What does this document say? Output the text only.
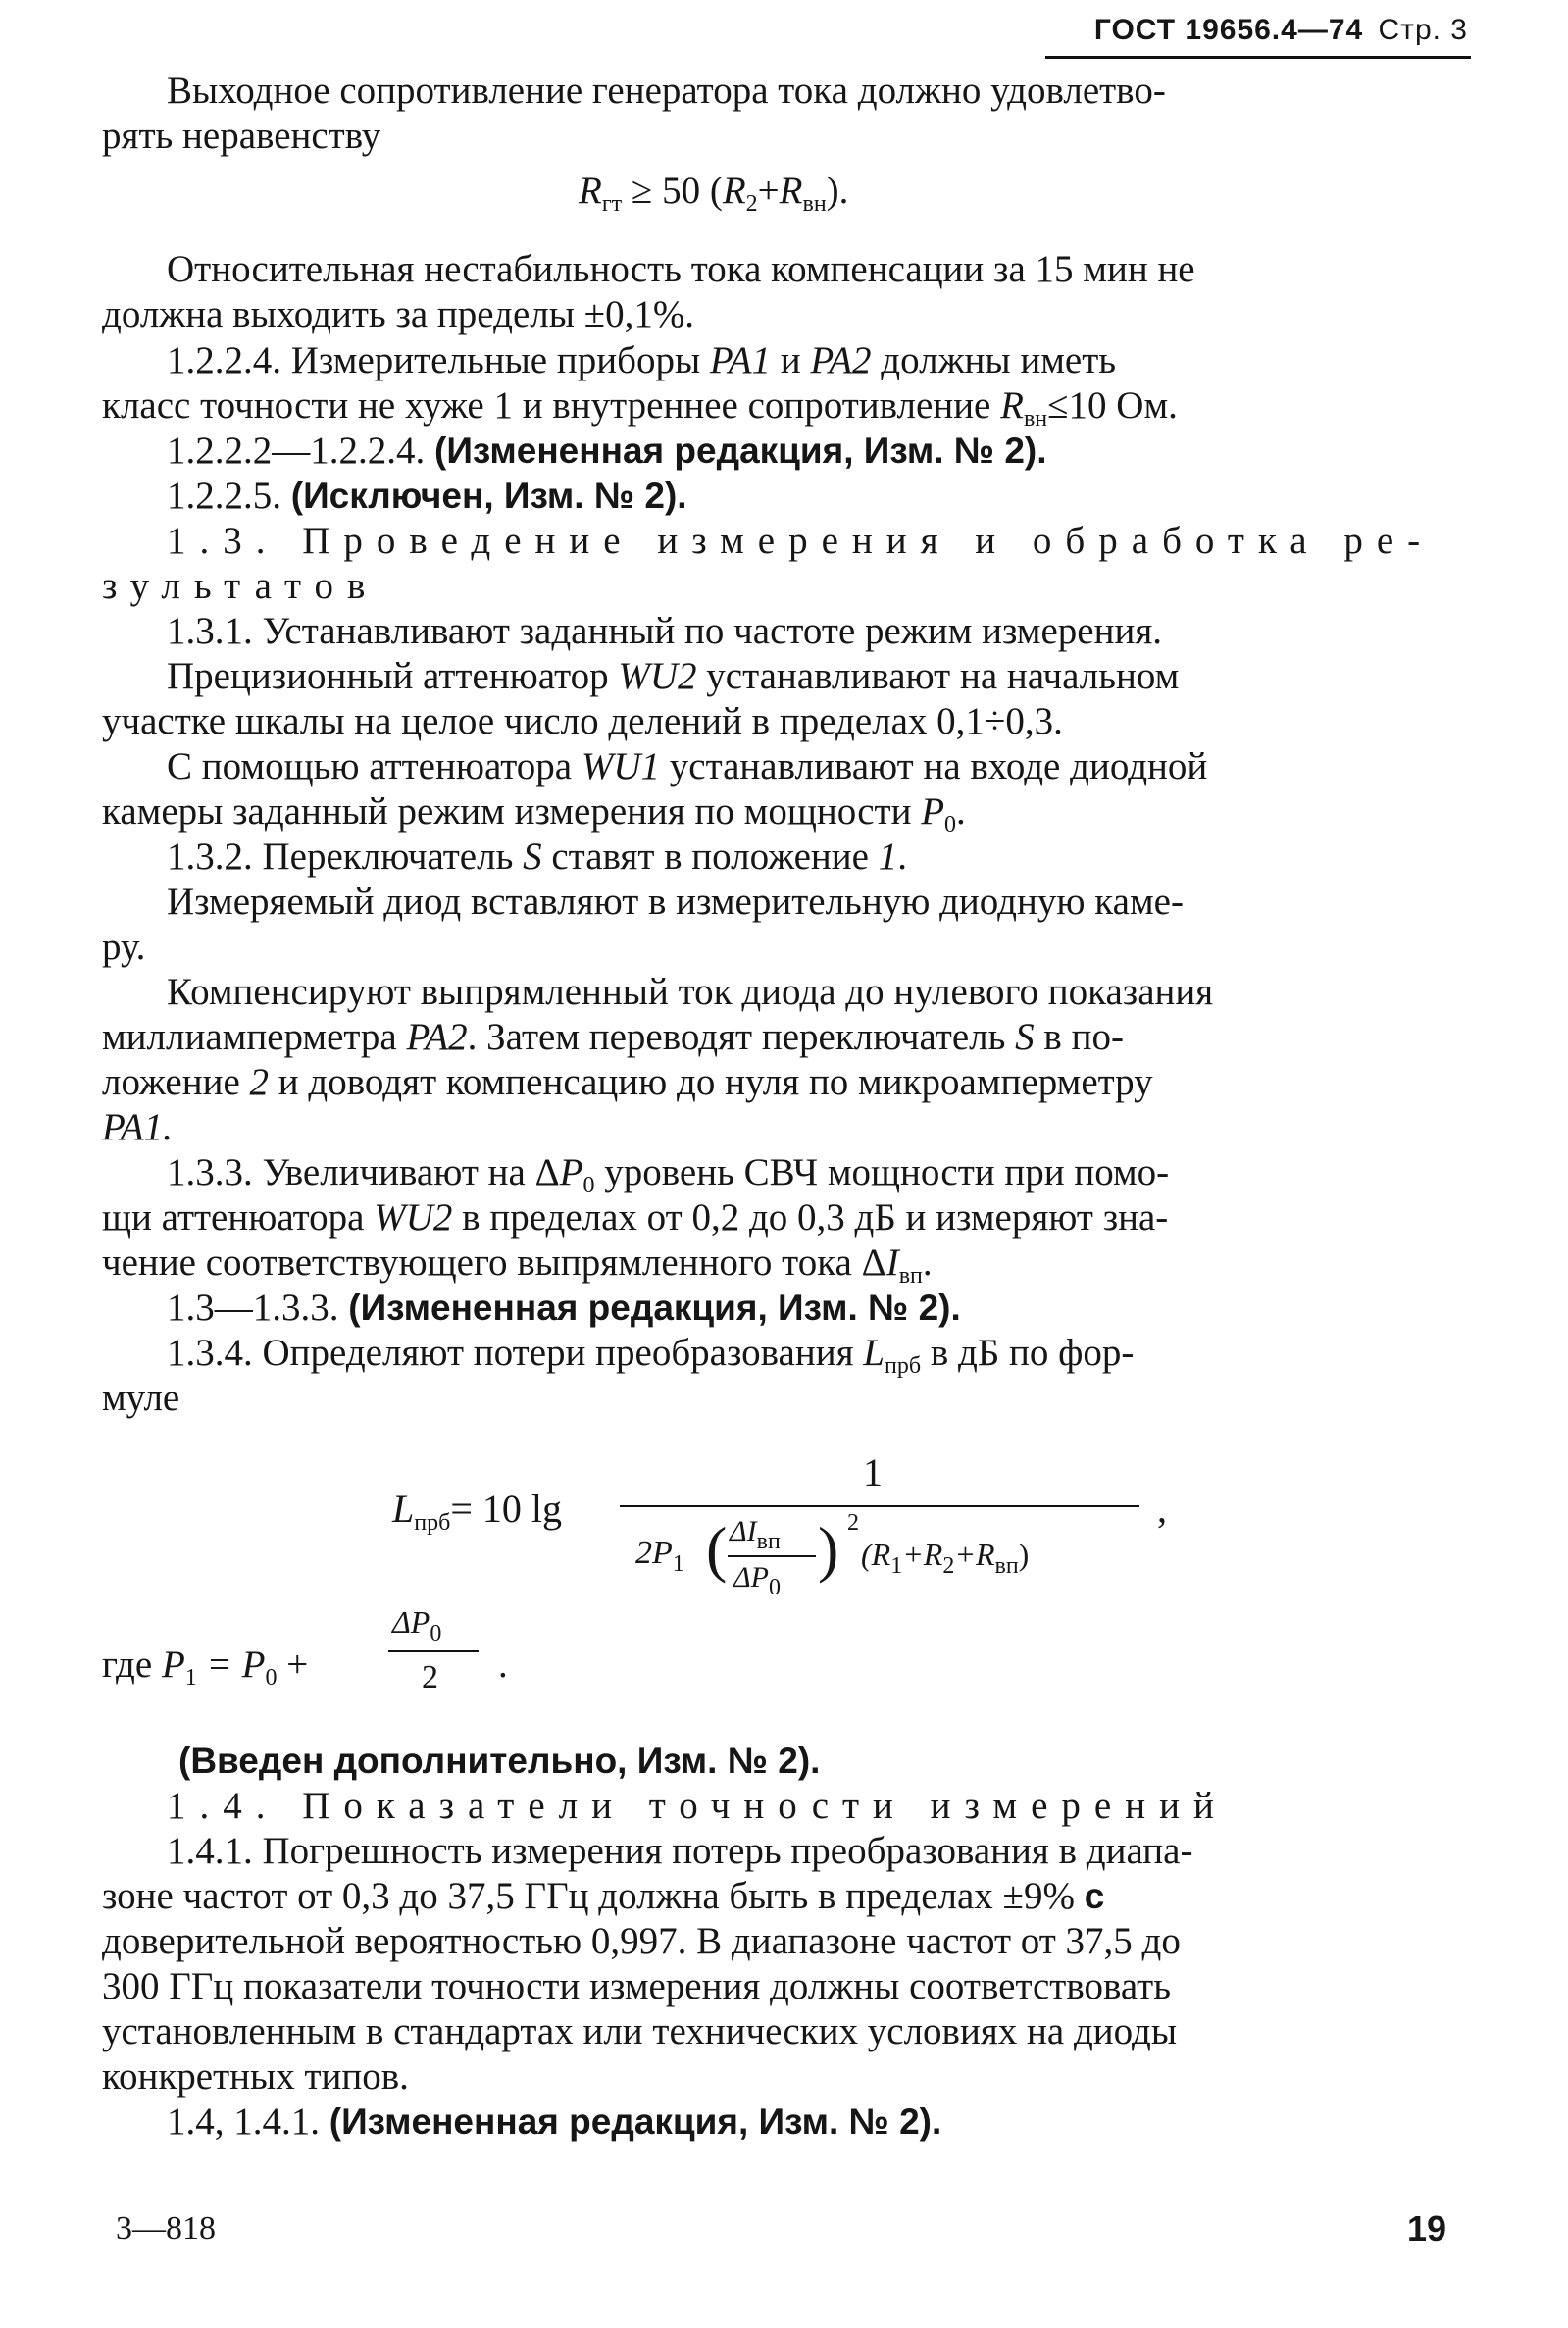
ГОСТ 19656.4—74 Стр. 3
Выходное сопротивление генератора тока должно удовлетво-
рять неравенству
$R_{гт} \ge 50$ $(R_2+R_{вн})$.
Относительная нестабильность тока компенсации за 15 мин не
должна выходить за пределы ±0,1%.
1.2.2.4. Измерительные приборы PA1 и PA2 должны иметь
класс точности не хуже 1 и внутреннее сопротивление $R_{вн}\le 10$ Ом.
1.2.2.2—1.2.2.4. (Измененная редакция, Изм. № 2).
1.2.2.5. (Исключен, Изм. № 2).
1.3. Проведение измерения и обработка ре-
зультатов
1.3.1. Устанавливают заданный по частоте режим измерения.
Прецизионный аттенюатор WU2 устанавливают на начальном
участке шкалы на целое число делений в пределах 0,1÷0,3.
С помощью аттенюатора WU1 устанавливают на входе диодной
камеры заданный режим измерения по мощности $P_0$.
1.3.2. Переключатель S ставят в положение 1.
Измеряемый диод вставляют в измерительную диодную каме-
ру.
Компенсируют выпрямленный ток диода до нулевого показания
миллиамперметра PA2. Затем переводят переключатель S в по-
ложение 2 и доводят компенсацию до нуля по микроамперметру
PA1.
1.3.3. Увеличивают на $\Delta P_0$ уровень СВЧ мощности при помо-
щи аттенюатора WU2 в пределах от 0,2 до 0,3 дБ и измеряют зна-
чение соответствующего выпрямленного тока $\Delta I_{вп}$.
1.3—1.3.3. (Измененная редакция, Изм. № 2).
1.3.4. Определяют потери преобразования $L_{прб}$ в дБ по фор-
муле
$L_{прб}= 10$ lg
1
,
$2P_1$ ( $\Delta I_{вп}$
$\Delta P_0$
) 2
$(R_1+R_2+R_{вп})$
где $P_1 = P_0$ +
$\Delta P_0$
2 .
(Введен дополнительно, Изм. № 2).
1.4. Показатели точности измерений
1.4.1. Погрешность измерения потерь преобразования в диапа-
зоне частот от 0,3 до 37,5 ГГц должна быть в пределах ±9% с
доверительной вероятностью 0,997. В диапазоне частот от 37,5 до
300 ГГц показатели точности измерения должны соответствовать
установленным в стандартах или технических условиях на диоды
конкретных типов.
1.4, 1.4.1. (Измененная редакция, Изм. № 2).
3—818	19
